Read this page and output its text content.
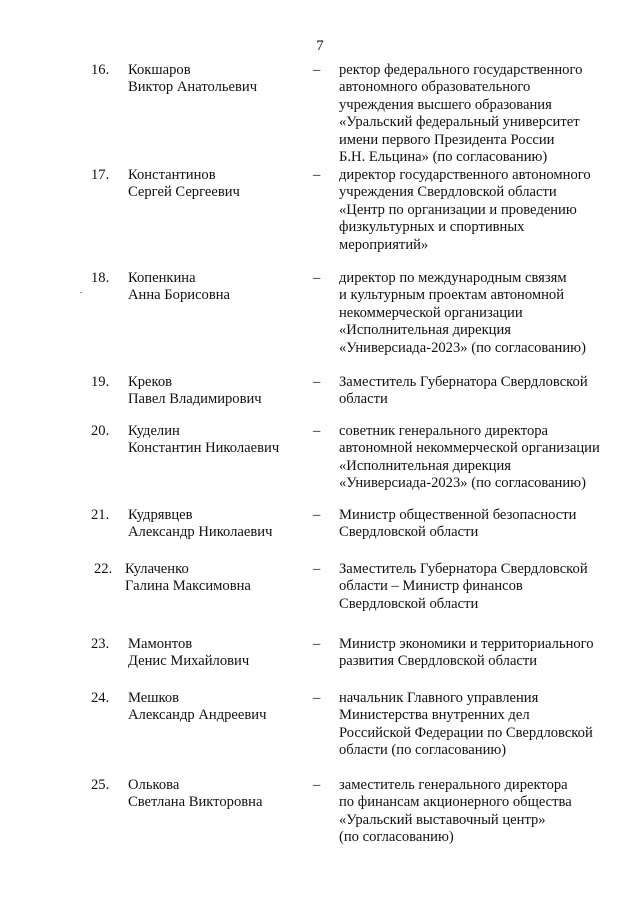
7
16.	Кокшаров
Виктор Анатольевич
–	ректор федерального государственного
автономного образовательного
учреждения высшего образования
«Уральский федеральный университет
имени первого Президента России
Б.Н. Ельцина» (по согласованию)
17.	Константинов
Сергей Сергеевич
–	директор государственного автономного
учреждения Свердловской области
«Центр по организации и проведению
физкультурных и спортивных
мероприятий»
18.	Копенкина
Анна Борисовна
–	директор по международным связям
и культурным проектам автономной
некоммерческой организации
«Исполнительная дирекция
«Универсиада-2023» (по согласованию)
19.	Креков
Павел Владимирович
–	Заместитель Губернатора Свердловской
области
20.	Куделин
Константин Николаевич
–	советник генерального директора
автономной некоммерческой организации
«Исполнительная дирекция
«Универсиада-2023» (по согласованию)
21.	Кудрявцев
Александр Николаевич
–	Министр общественной безопасности
Свердловской области
22. Кулаченко
Галина Максимовна
–	Заместитель Губернатора Свердловской
области – Министр финансов
Свердловской области
23.	Мамонтов
Денис Михайлович
–	Министр экономики и территориального
развития Свердловской области
24.	Мешков
Александр Андреевич
–	начальник Главного управления
Министерства внутренних дел
Российской Федерации по Свердловской
области (по согласованию)
25.	Олькова
Светлана Викторовна
–	заместитель генерального директора
по финансам акционерного общества
«Уральский выставочный центр»
(по согласованию)
